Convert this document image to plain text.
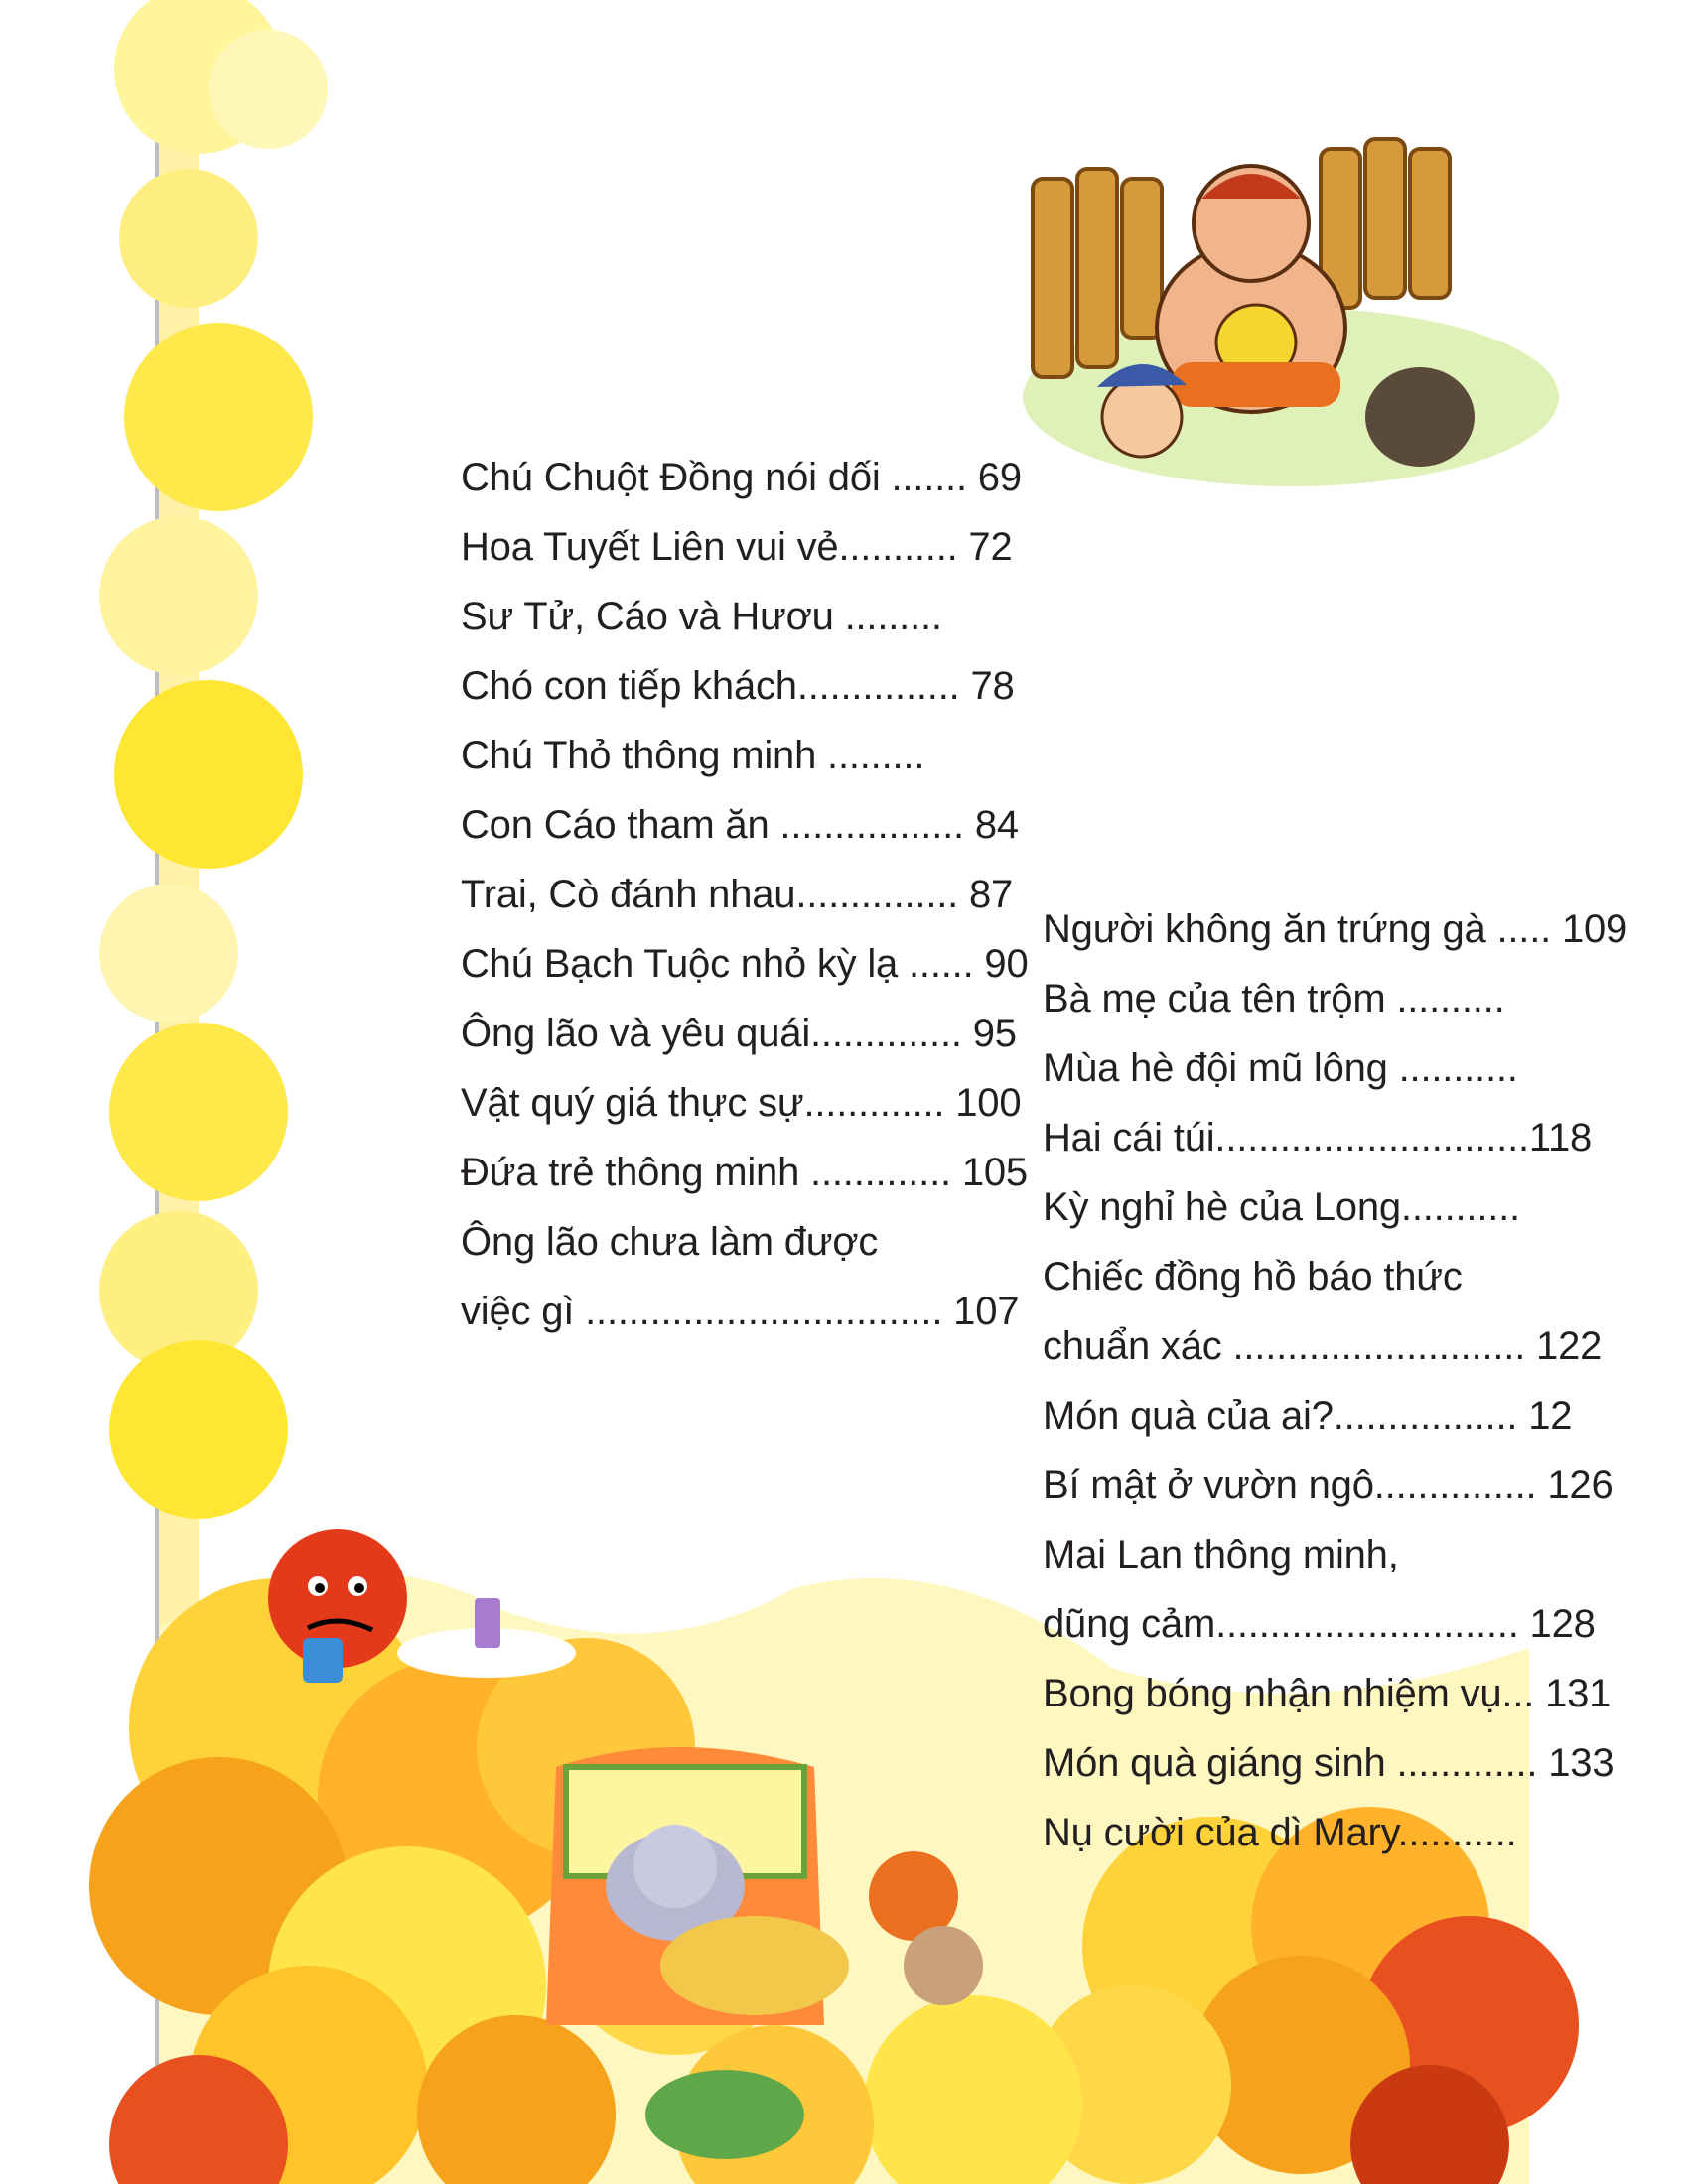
Chú Chuột Đồng nói dối ....... 69
Hoa Tuyết Liên vui vẻ........... 72
Sư Tử, Cáo và Hươu .........
Chó con tiếp khách............... 78
Chú Thỏ thông minh .........
Con Cáo tham ăn ................. 84
Trai, Cò đánh nhau............... 87
Chú Bạch Tuộc nhỏ kỳ lạ ...... 90
Ông lão và yêu quái.............. 95
Vật quý giá thực sự............. 100
Đứa trẻ thông minh ............. 105
Ông lão chưa làm được
việc gì ................................. 107
Người không ăn trứng gà ..... 109
Bà mẹ của tên trộm ..........
Mùa hè đội mũ lông ...........
Hai cái túi.............................118
Kỳ nghỉ hè của Long...........
Chiếc đồng hồ báo thức
chuẩn xác ........................... 122
Món quà của ai?................. 12
Bí mật ở vườn ngô............... 126
Mai Lan thông minh,
dũng cảm............................ 128
Bong bóng nhận nhiệm vụ... 131
Món quà giáng sinh ............. 133
Nụ cười của dì Mary...........
